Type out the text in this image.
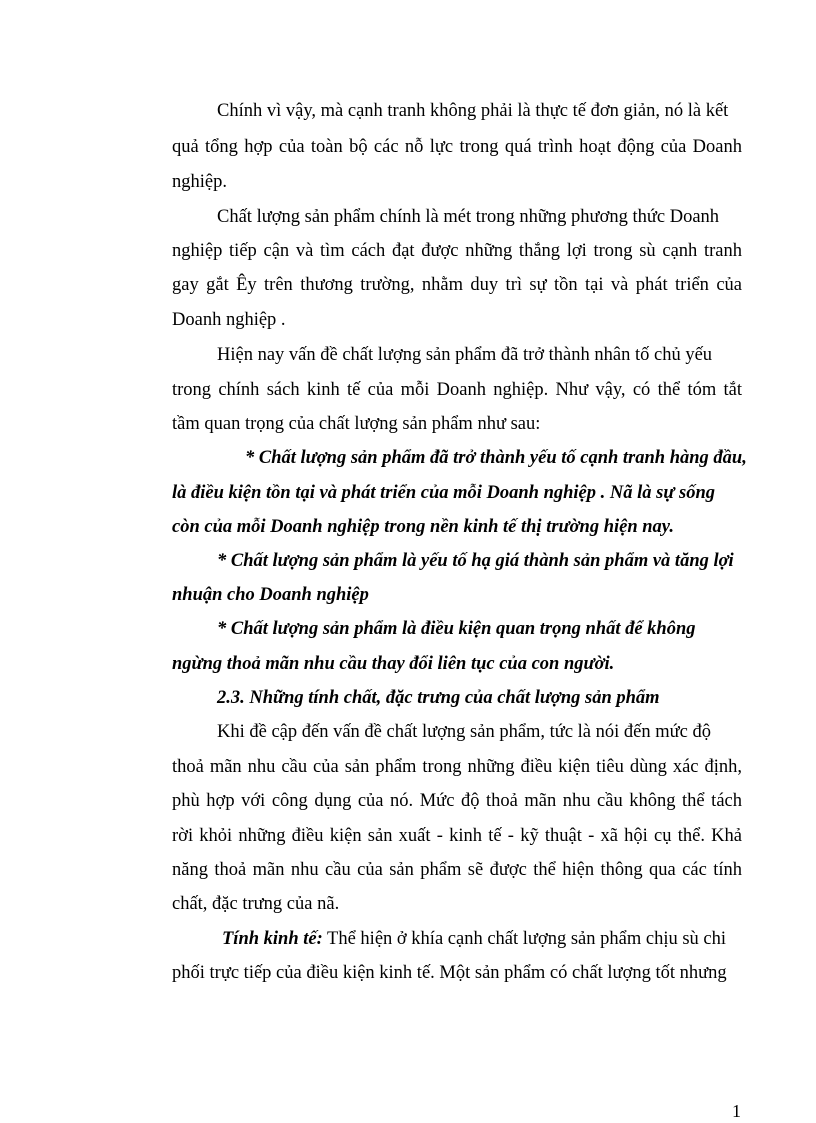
Chính vì vậy, mà cạnh tranh không phải là thực tế đơn giản, nó là kết
quả tổng hợp của toàn bộ các nỗ lực trong quá trình hoạt động của Doanh
nghiệp.
Chất lượng sản phẩm chính là mét trong những phương thức Doanh
nghiệp tiếp cận và tìm cách đạt được những thắng lợi trong sù cạnh tranh
gay gắt Êy trên thương trường, nhằm duy trì sự tồn tại và phát triển của
Doanh nghiệp .
Hiện nay vấn đề chất lượng sản phẩm đã trở thành nhân tố chủ yếu
trong chính sách kinh tế của mỗi Doanh nghiệp. Như vậy, có thể tóm tắt
tầm quan trọng của chất lượng sản phẩm như sau:
* Chất lượng sản phẩm đã trở thành yếu tố cạnh tranh hàng đầu,
là điều kiện tồn tại và phát triển của mỗi Doanh nghiệp . Nã là sự sống
còn của mỗi Doanh nghiệp trong nền kinh tế thị trường hiện nay.
* Chất lượng sản phẩm là yếu tố hạ giá thành sản phẩm và tăng lợi
nhuận cho Doanh nghiệp
* Chất lượng sản phẩm là điều kiện quan trọng nhất để không
ngừng thoả mãn nhu cầu thay đổi liên tục của con người.
2.3. Những tính chất, đặc trưng của chất lượng sản phẩm
Khi đề cập đến vấn đề chất lượng sản phẩm, tức là nói đến mức độ
thoả mãn nhu cầu của sản phẩm trong những điều kiện tiêu dùng xác định,
phù hợp với công dụng của nó. Mức độ thoả mãn nhu cầu không thể tách
rời khỏi những điều kiện sản xuất - kinh tế - kỹ thuật - xã hội cụ thể. Khả
năng thoả mãn nhu cầu của sản phẩm sẽ được thể hiện thông qua các tính
chất, đặc trưng của nã.
Tính kinh tế: Thể hiện ở khía cạnh chất lượng sản phẩm chịu sù chi
phối trực tiếp của điều kiện kinh tế. Một sản phẩm có chất lượng tốt nhưng
1
